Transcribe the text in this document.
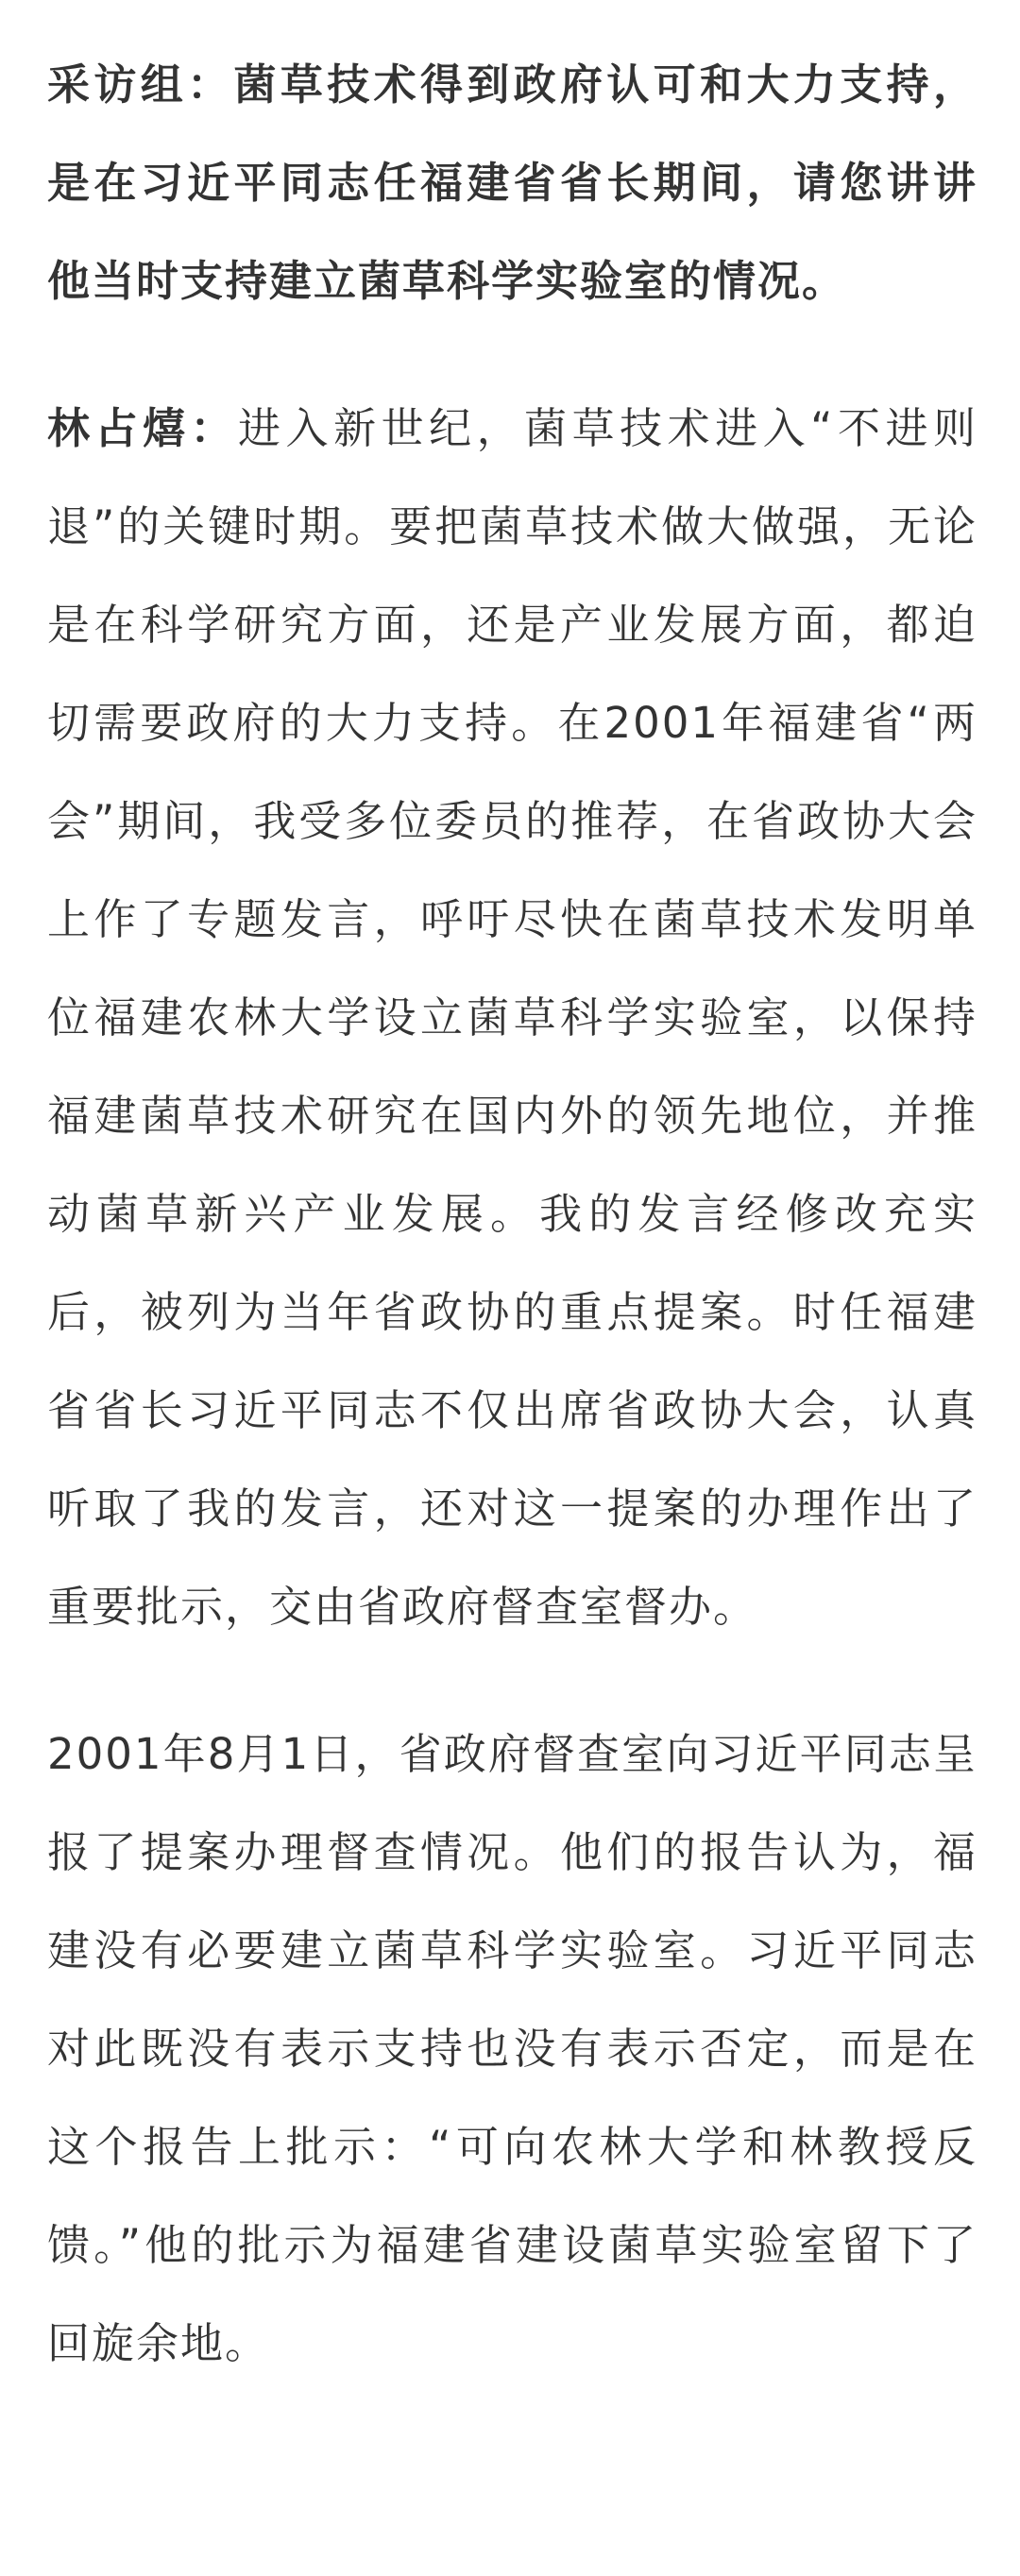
采访组：菌草技术得到政府认可和大力支持，是在习近平同志任福建省省长期间，请您讲讲他当时支持建立菌草科学实验室的情况。

林占熺：进入新世纪，菌草技术进入“不进则退”的关键时期。要把菌草技术做大做强，无论是在科学研究方面，还是产业发展方面，都迫切需要政府的大力支持。在2001年福建省“两会”期间，我受多位委员的推荐，在省政协大会上作了专题发言，呼吁尽快在菌草技术发明单位福建农林大学设立菌草科学实验室，以保持福建菌草技术研究在国内外的领先地位，并推动菌草新兴产业发展。我的发言经修改充实后，被列为当年省政协的重点提案。时任福建省省长习近平同志不仅出席省政协大会，认真听取了我的发言，还对这一提案的办理作出了重要批示，交由省政府督查室督办。

2001年8月1日，省政府督查室向习近平同志呈报了提案办理督查情况。他们的报告认为，福建没有必要建立菌草科学实验室。习近平同志对此既没有表示支持也没有表示否定，而是在这个报告上批示：“可向农林大学和林教授反馈。”他的批示为福建省建设菌草实验室留下了回旋余地。
